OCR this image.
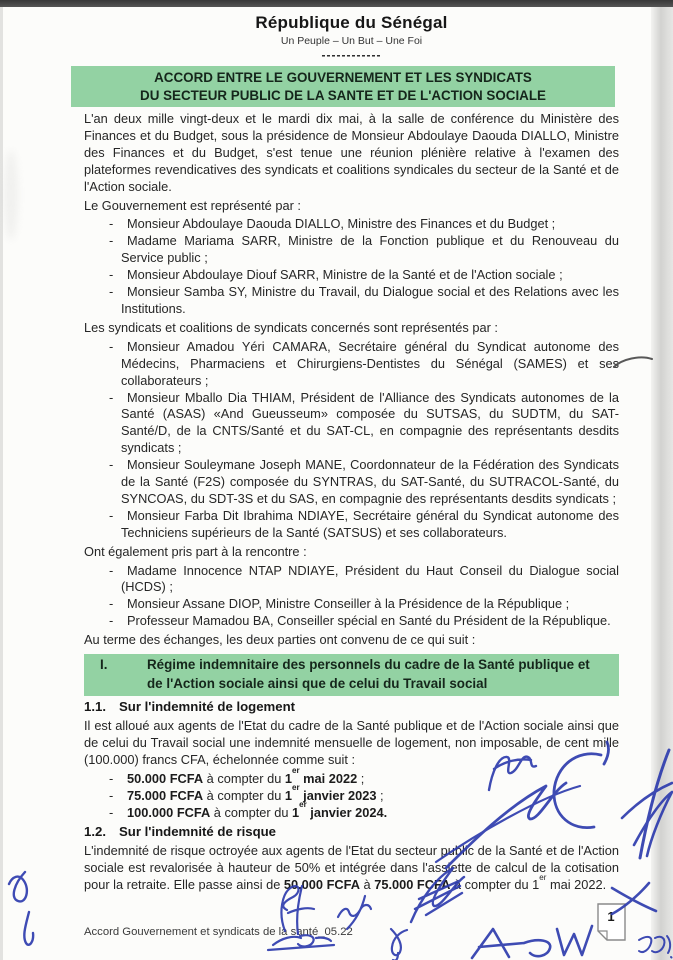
République du Sénégal
Un Peuple – Un But – Une Foi
------------
ACCORD ENTRE LE GOUVERNEMENT ET LES SYNDICATS
DU SECTEUR PUBLIC DE LA SANTE ET DE L'ACTION SOCIALE

L'an deux mille vingt-deux et le mardi dix mai, à la salle de conférence du Ministère des Finances et du Budget, sous la présidence de Monsieur Abdoulaye Daouda DIALLO, Ministre des Finances et du Budget, s'est tenue une réunion plénière relative à l'examen des plateformes revendicatives des syndicats et coalitions syndicales du secteur de la Santé et de l'Action sociale.

Le Gouvernement est représenté par :

- Monsieur Abdoulaye Daouda DIALLO, Ministre des Finances et du Budget ;
- Madame Mariama SARR, Ministre de la Fonction publique et du Renouveau du Service public ;
- Monsieur Abdoulaye Diouf SARR, Ministre de la Santé et de l'Action sociale ;
- Monsieur Samba SY, Ministre du Travail, du Dialogue social et des Relations avec les Institutions.

Les syndicats et coalitions de syndicats concernés sont représentés par :

- Monsieur Amadou Yéri CAMARA, Secrétaire général du Syndicat autonome des Médecins, Pharmaciens et Chirurgiens-Dentistes du Sénégal (SAMES) et ses collaborateurs ;
- Monsieur Mballo Dia THIAM, Président de l'Alliance des Syndicats autonomes de la Santé (ASAS) «And Gueusseum» composée du SUTSAS, du SUDTM, du SAT-Santé/D, de la CNTS/Santé et du SAT-CL, en compagnie des représentants desdits syndicats ;
- Monsieur Souleymane Joseph MANE, Coordonnateur de la Fédération des Syndicats de la Santé (F2S) composée du SYNTRAS, du SAT-Santé, du SUTRACOL-Santé, du SYNCOAS, du SDT-3S et du SAS, en compagnie des représentants desdits syndicats ;
- Monsieur Farba Dit Ibrahima NDIAYE, Secrétaire général du Syndicat autonome des Techniciens supérieurs de la Santé (SATSUS) et ses collaborateurs.

Ont également pris part à la rencontre :

- Madame Innocence NTAP NDIAYE, Président du Haut Conseil du Dialogue social (HCDS) ;
- Monsieur Assane DIOP, Ministre Conseiller à la Présidence de la République ;
- Professeur Mamadou BA, Conseiller spécial en Santé du Président de la République.

Au terme des échanges, les deux parties ont convenu de ce qui suit :

I.	Régime indemnitaire des personnels du cadre de la Santé publique et de l'Action sociale ainsi que de celui du Travail social
1.1. Sur l'indemnité de logement

Il est alloué aux agents de l'Etat du cadre de la Santé publique et de l'Action sociale ainsi que de celui du Travail social une indemnité mensuelle de logement, non imposable, de cent mille (100.000) francs CFA, échelonnée comme suit :

- 50.000 FCFA à compter du 1er mai 2022 ;
- 75.000 FCFA à compter du 1er janvier 2023 ;
- 100.000 FCFA à compter du 1er janvier 2024.
1.2. Sur l'indemnité de risque

L'indemnité de risque octroyée aux agents de l'Etat du secteur public de la Santé et de l'Action sociale est revalorisée à hauteur de 50% et intégrée dans l'assiette de calcul de la cotisation pour la retraite. Elle passe ainsi de 50.000 FCFA à 75.000 FCFA à compter du 1er mai 2022.

Accord Gouvernement et syndicats de la santé_05.22
1
